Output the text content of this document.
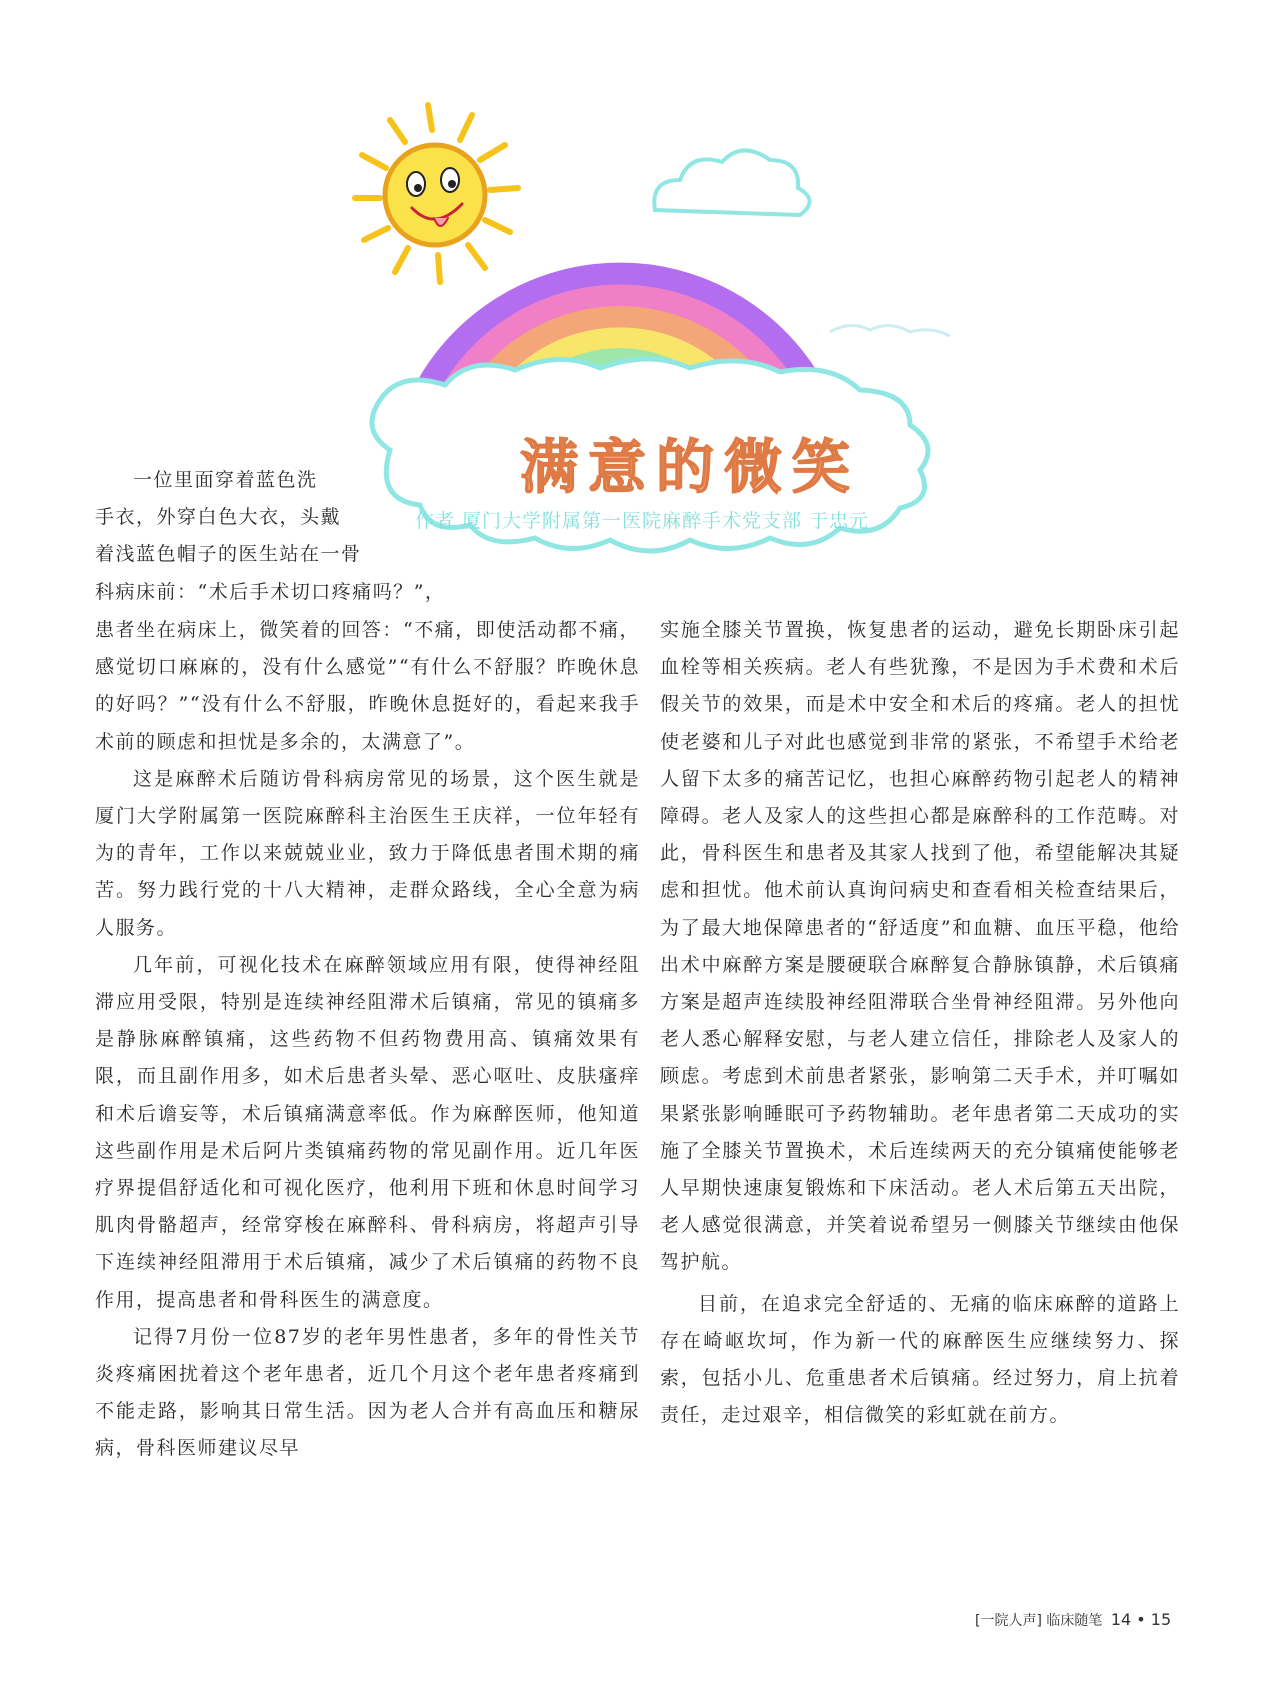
满意的微笑
作者 厦门大学附属第一医院麻醉手术党支部 于忠元
一位里面穿着蓝色洗
手衣，外穿白色大衣，头戴
着浅蓝色帽子的医生站在一骨
科病床前：“术后手术切口疼痛吗？”，

患者坐在病床上，微笑着的回答：“不痛，即使活动都不痛，感觉切口麻麻的，没有什么感觉”“有什么不舒服？昨晚休息的好吗？”“没有什么不舒服，昨晚休息挺好的，看起来我手术前的顾虑和担忧是多余的，太满意了”。

这是麻醉术后随访骨科病房常见的场景，这个医生就是厦门大学附属第一医院麻醉科主治医生王庆祥，一位年轻有为的青年，工作以来兢兢业业，致力于降低患者围术期的痛苦。努力践行党的十八大精神，走群众路线，全心全意为病人服务。

几年前，可视化技术在麻醉领域应用有限，使得神经阻滞应用受限，特别是连续神经阻滞术后镇痛，常见的镇痛多是静脉麻醉镇痛，这些药物不但药物费用高、镇痛效果有限，而且副作用多，如术后患者头晕、恶心呕吐、皮肤瘙痒和术后谵妄等，术后镇痛满意率低。作为麻醉医师，他知道这些副作用是术后阿片类镇痛药物的常见副作用。近几年医疗界提倡舒适化和可视化医疗，他利用下班和休息时间学习肌肉骨骼超声，经常穿梭在麻醉科、骨科病房，将超声引导下连续神经阻滞用于术后镇痛，减少了术后镇痛的药物不良作用，提高患者和骨科医生的满意度。

记得7月份一位87岁的老年男性患者，多年的骨性关节炎疼痛困扰着这个老年患者，近几个月这个老年患者疼痛到不能走路，影响其日常生活。因为老人合并有高血压和糖尿病，骨科医师建议尽早

实施全膝关节置换，恢复患者的运动，避免长期卧床引起血栓等相关疾病。老人有些犹豫，不是因为手术费和术后假关节的效果，而是术中安全和术后的疼痛。老人的担忧使老婆和儿子对此也感觉到非常的紧张，不希望手术给老人留下太多的痛苦记忆，也担心麻醉药物引起老人的精神障碍。老人及家人的这些担心都是麻醉科的工作范畴。对此，骨科医生和患者及其家人找到了他，希望能解决其疑虑和担忧。他术前认真询问病史和查看相关检查结果后，为了最大地保障患者的“舒适度”和血糖、血压平稳，他给出术中麻醉方案是腰硬联合麻醉复合静脉镇静，术后镇痛方案是超声连续股神经阻滞联合坐骨神经阻滞。另外他向老人悉心解释安慰，与老人建立信任，排除老人及家人的顾虑。考虑到术前患者紧张，影响第二天手术，并叮嘱如果紧张影响睡眠可予药物辅助。老年患者第二天成功的实施了全膝关节置换术，术后连续两天的充分镇痛使能够老人早期快速康复锻炼和下床活动。老人术后第五天出院，老人感觉很满意，并笑着说希望另一侧膝关节继续由他保驾护航。

目前，在追求完全舒适的、无痛的临床麻醉的道路上存在崎岖坎坷，作为新一代的麻醉医生应继续努力、探索，包括小儿、危重患者术后镇痛。经过努力，肩上抗着责任，走过艰辛，相信微笑的彩虹就在前方。

[一院人声] 临床随笔 14 • 15
